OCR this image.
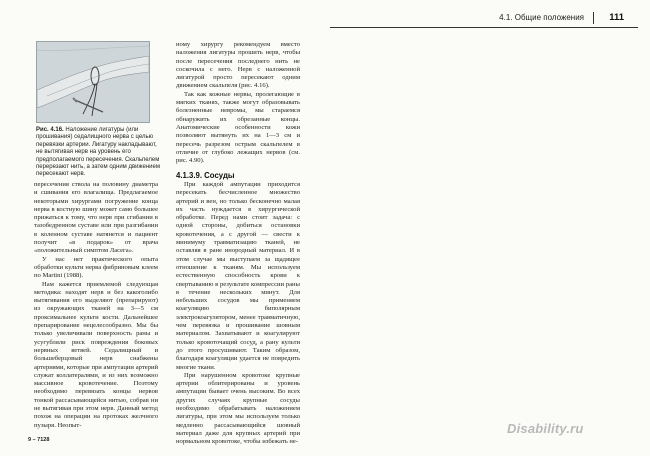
4.1. Общие положения	111
Рис. 4.16. Наложение лигатуры (или прошивания) седалищного нерва с целью перевязки артерии. Лигатуру накладывают, не вытягивая нерв на уровень его предполагаемого пересечения. Скальпелем перерезают нить, а затем одним движением пересекают нерв.

ному хирургу рекомендуем вместо наложения лигатуры прошить нерв, чтобы после пересечения последнего нить не соскочила с него. Нерв с наложенной лигатурой просто пересекают одним движением скальпеля (рис. 4.16).

Так как кожные нервы, пролегающие в мягких тканях, также могут образовывать болезненные невромы, мы стараемся обнаружить их обрезанные концы. Анатомические особенности кожи позволяют вытянуть их на 1—3 см и пересечь разрезом острым скальпелем в отличие от глубоко лежащих нервов (см. рис. 4.90).

4.1.3.9. Сосуды

пересечения ствола на половину диаметра и сшивания его влагалища. Предлагаемое некоторыми хирургами погружение конца нерва в костную шину может само большее прижаться к тому, что нерв при сгибании в тазобедренном суставе или при разгибании в коленном суставе натянется и пациент получит «в подарок» от врача «положительный симптом Ласега».

У нас нет практического опыта обработки культи нерва фибриновым клеем по Martini (1988).

Нам кажется приемлемой следующая методика: находят нерв и без какоголибо вытягивания его выделяют (препарируют) из окружающих тканей на 3—5 см проксимальнее культи кости. Дальнейшее препарирование нецелесообразно. Мы бы только увеличивали поверхность раны и усугубляли риск повреждения боковых нервных ветвей. Седалищный и большеберцовый нерв снабжены артериями, которые при ампутации артерий служат коллатералями, и из них возможно массивное кровотечение. Поэтому необходимо перевязать концы нервов тонкой рассасывающейся нитью, собрав ни не вытягивая при этом нерв. Данный метод похож на операции на протоках желчного пузыря. Неопыт-

При каждой ампутации приходится пересекать бесчисленное множество артерий и вен, но только бесконечно малая их часть нуждается в хирургической обработке. Перед нами стоит задача: с одной стороны, добиться остановки кровотечения, а с другой — свести к минимуму травматизацию тканей, не оставляя в ране инородный материал. И в этом случае мы выступаем за щадящее отношение к тканям. Мы используем естественную способность крови к свертыванию в результате компрессии раны в течение нескольких минут. Для небольших сосудов мы применяем коагуляцию биполярным электрокоагулятором, менее травматичную, чем перевязка и прошивание шовным материалом. Захватывают и коагулируют только кровоточащий сосуд, а рану культи до этого просушивают. Таким образом, благодаря коагуляции удается не повредить многие ткани.

При нарушенном кровотоке крупные артерии облитерированы и уровень ампутации бывает очень высоким. Во всех других случаях крупные сосуды необходимо обрабатывать наложением лигатуры, при этом мы используем только медленно рассасывающийся шовный материал даже для крупных артерий при нормальном кровотоке, чтобы избежать не-

9 – 7128
Disability.ru
